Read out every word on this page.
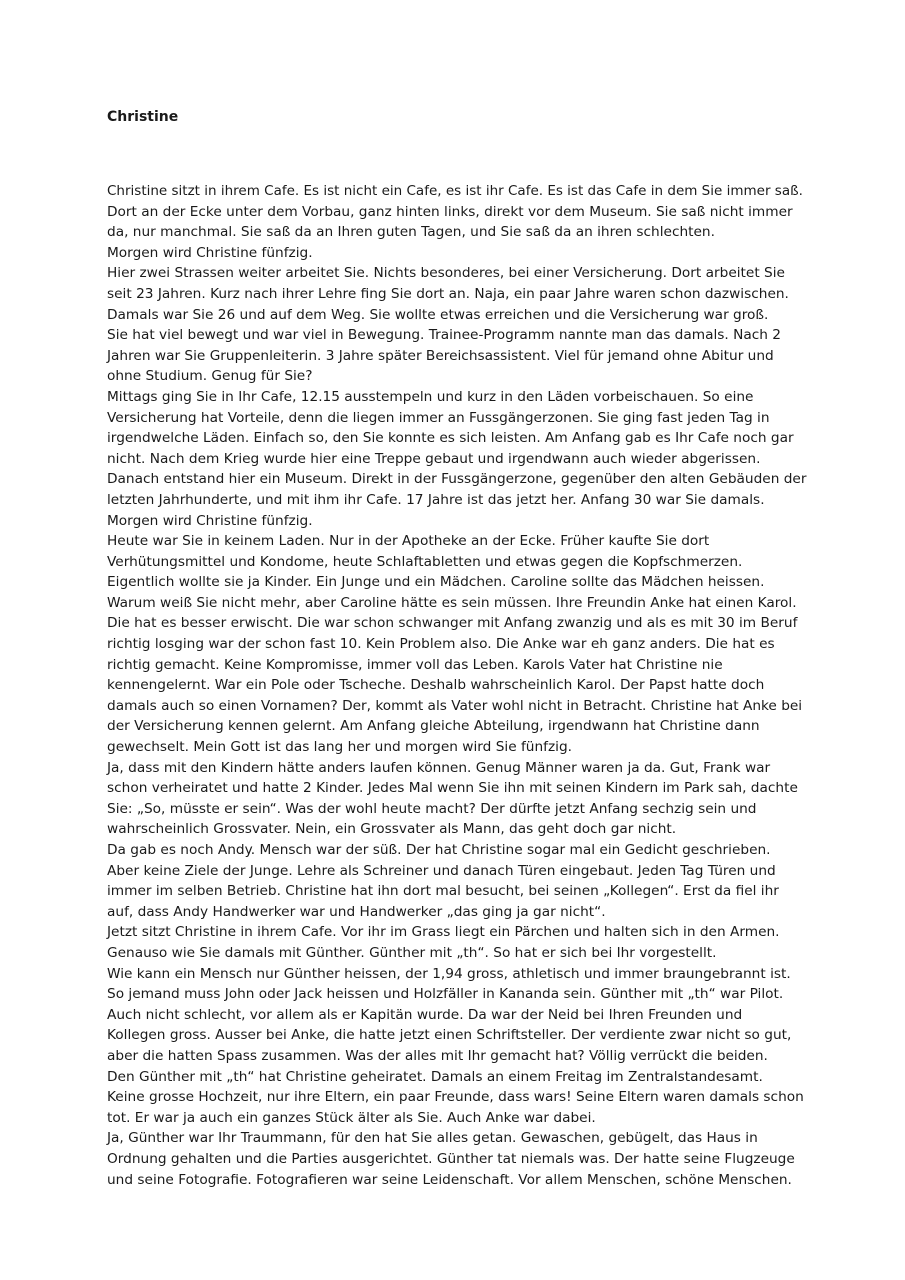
Christine
Christine sitzt in ihrem Cafe. Es ist nicht ein Cafe, es ist ihr Cafe. Es ist das Cafe in dem Sie immer saß.
Dort an der Ecke unter dem Vorbau, ganz hinten links, direkt vor dem Museum. Sie saß nicht immer
da, nur manchmal. Sie saß da an Ihren guten Tagen, und Sie saß da an ihren schlechten.
Morgen wird Christine fünfzig.
Hier zwei Strassen weiter arbeitet Sie. Nichts besonderes, bei einer Versicherung. Dort arbeitet Sie
seit 23 Jahren. Kurz nach ihrer Lehre fing Sie dort an. Naja, ein paar Jahre waren schon dazwischen.
Damals war Sie 26 und auf dem Weg. Sie wollte etwas erreichen und die Versicherung war groß.
Sie hat viel bewegt und war viel in Bewegung. Trainee-Programm nannte man das damals. Nach 2
Jahren war Sie Gruppenleiterin. 3 Jahre später Bereichsassistent. Viel für jemand ohne Abitur und
ohne Studium. Genug für Sie?
Mittags ging Sie in Ihr Cafe, 12.15 ausstempeln und kurz in den Läden vorbeischauen. So eine
Versicherung hat Vorteile, denn die liegen immer an Fussgängerzonen. Sie ging fast jeden Tag in
irgendwelche Läden. Einfach so, den Sie konnte es sich leisten. Am Anfang gab es Ihr Cafe noch gar
nicht. Nach dem Krieg wurde hier eine Treppe gebaut und irgendwann auch wieder abgerissen.
Danach entstand hier ein Museum. Direkt in der Fussgängerzone, gegenüber den alten Gebäuden der
letzten Jahrhunderte, und mit ihm ihr Cafe. 17 Jahre ist das jetzt her. Anfang 30 war Sie damals.
Morgen wird Christine fünfzig.
Heute war Sie in keinem Laden. Nur in der Apotheke an der Ecke. Früher kaufte Sie dort
Verhütungsmittel und Kondome, heute Schlaftabletten und etwas gegen die Kopfschmerzen.
Eigentlich wollte sie ja Kinder. Ein Junge und ein Mädchen. Caroline sollte das Mädchen heissen.
Warum weiß Sie nicht mehr, aber Caroline hätte es sein müssen. Ihre Freundin Anke hat einen Karol.
Die hat es besser erwischt. Die war schon schwanger mit Anfang zwanzig und als es mit 30 im Beruf
richtig losging war der schon fast 10. Kein Problem also. Die Anke war eh ganz anders. Die hat es
richtig gemacht. Keine Kompromisse, immer voll das Leben. Karols Vater hat Christine nie
kennengelernt. War ein Pole oder Tscheche. Deshalb wahrscheinlich Karol. Der Papst hatte doch
damals auch so einen Vornamen? Der, kommt als Vater wohl nicht in Betracht. Christine hat Anke bei
der Versicherung kennen gelernt. Am Anfang gleiche Abteilung, irgendwann hat Christine dann
gewechselt. Mein Gott ist das lang her und morgen wird Sie fünfzig.
Ja, dass mit den Kindern hätte anders laufen können. Genug Männer waren ja da. Gut, Frank war
schon verheiratet und hatte 2 Kinder. Jedes Mal wenn Sie ihn mit seinen Kindern im Park sah, dachte
Sie: „So, müsste er sein“. Was der wohl heute macht? Der dürfte jetzt Anfang sechzig sein und
wahrscheinlich Grossvater. Nein, ein Grossvater als Mann, das geht doch gar nicht.
Da gab es noch Andy. Mensch war der süß. Der hat Christine sogar mal ein Gedicht geschrieben.
Aber keine Ziele der Junge. Lehre als Schreiner und danach Türen eingebaut. Jeden Tag Türen und
immer im selben Betrieb. Christine hat ihn dort mal besucht, bei seinen „Kollegen“. Erst da fiel ihr
auf, dass Andy Handwerker war und Handwerker „das ging ja gar nicht“.
Jetzt sitzt Christine in ihrem Cafe. Vor ihr im Grass liegt ein Pärchen und halten sich in den Armen.
Genauso wie Sie damals mit Günther. Günther mit „th“. So hat er sich bei Ihr vorgestellt.
Wie kann ein Mensch nur Günther heissen, der 1,94 gross, athletisch und immer braungebrannt ist.
So jemand muss John oder Jack heissen und Holzfäller in Kananda sein. Günther mit „th“ war Pilot.
Auch nicht schlecht, vor allem als er Kapitän wurde. Da war der Neid bei Ihren Freunden und
Kollegen gross. Ausser bei Anke, die hatte jetzt einen Schriftsteller. Der verdiente zwar nicht so gut,
aber die hatten Spass zusammen. Was der alles mit Ihr gemacht hat? Völlig verrückt die beiden.
Den Günther mit „th“ hat Christine geheiratet. Damals an einem Freitag im Zentralstandesamt.
Keine grosse Hochzeit, nur ihre Eltern, ein paar Freunde, dass wars! Seine Eltern waren damals schon
tot. Er war ja auch ein ganzes Stück älter als Sie. Auch Anke war dabei.
Ja, Günther war Ihr Traummann, für den hat Sie alles getan. Gewaschen, gebügelt, das Haus in
Ordnung gehalten und die Parties ausgerichtet. Günther tat niemals was. Der hatte seine Flugzeuge
und seine Fotografie. Fotografieren war seine Leidenschaft. Vor allem Menschen, schöne Menschen.
